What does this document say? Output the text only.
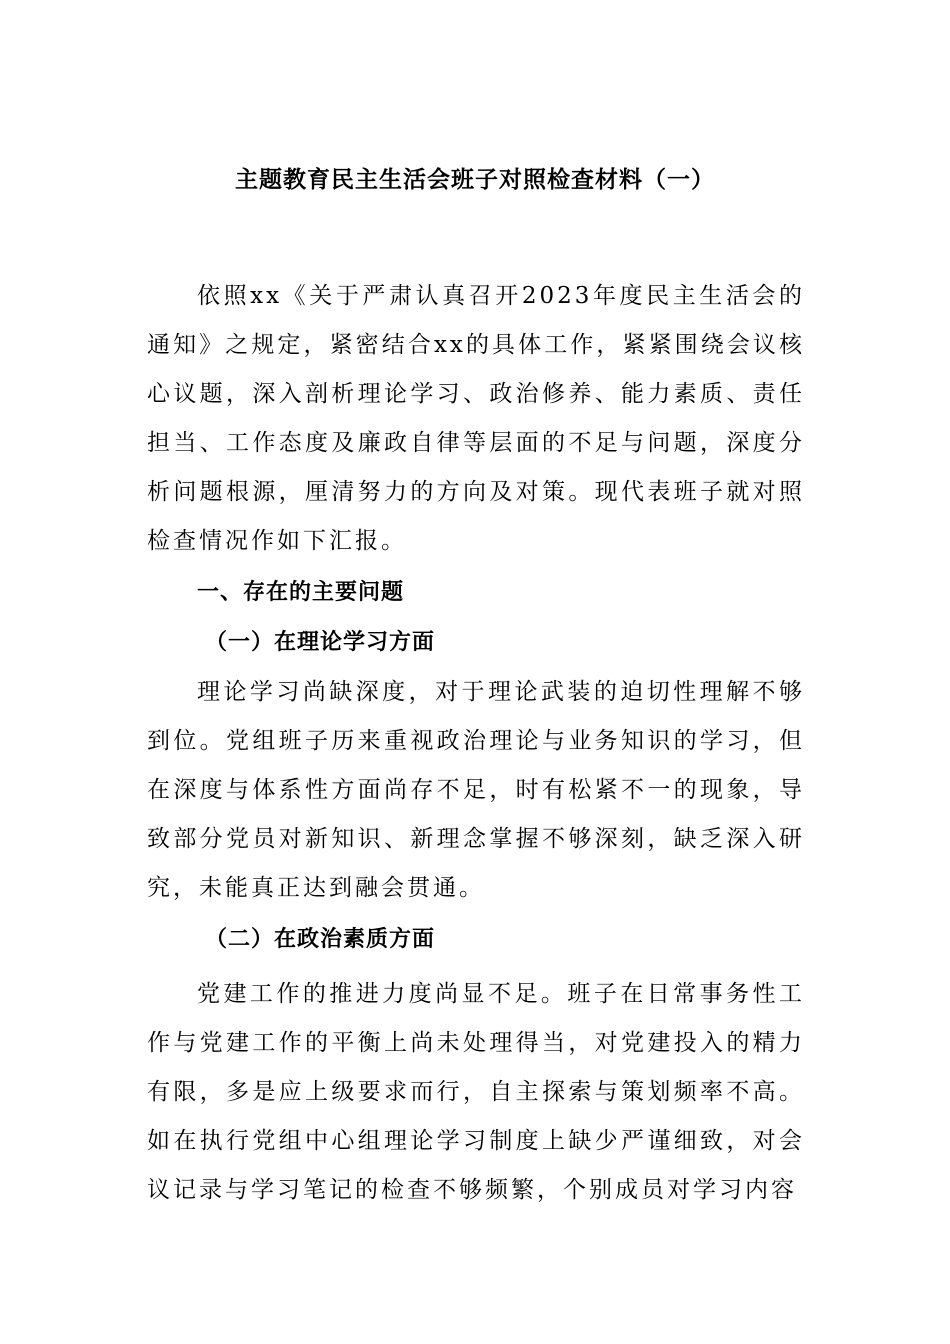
主题教育民主生活会班子对照检查材料（一）

依照xx《关于严肃认真召开2023年度民主生活会的通知》之规定，紧密结合xx的具体工作，紧紧围绕会议核心议题，深入剖析理论学习、政治修养、能力素质、责任担当、工作态度及廉政自律等层面的不足与问题，深度分析问题根源，厘清努力的方向及对策。现代表班子就对照检查情况作如下汇报。

一、存在的主要问题
（一）在理论学习方面

理论学习尚缺深度，对于理论武装的迫切性理解不够到位。党组班子历来重视政治理论与业务知识的学习，但在深度与体系性方面尚存不足，时有松紧不一的现象，导致部分党员对新知识、新理念掌握不够深刻，缺乏深入研究，未能真正达到融会贯通。

（二）在政治素质方面

党建工作的推进力度尚显不足。班子在日常事务性工作与党建工作的平衡上尚未处理得当，对党建投入的精力有限，多是应上级要求而行，自主探索与策划频率不高。如在执行党组中心组理论学习制度上缺少严谨细致，对会议记录与学习笔记的检查不够频繁，个别成员对学习内容
